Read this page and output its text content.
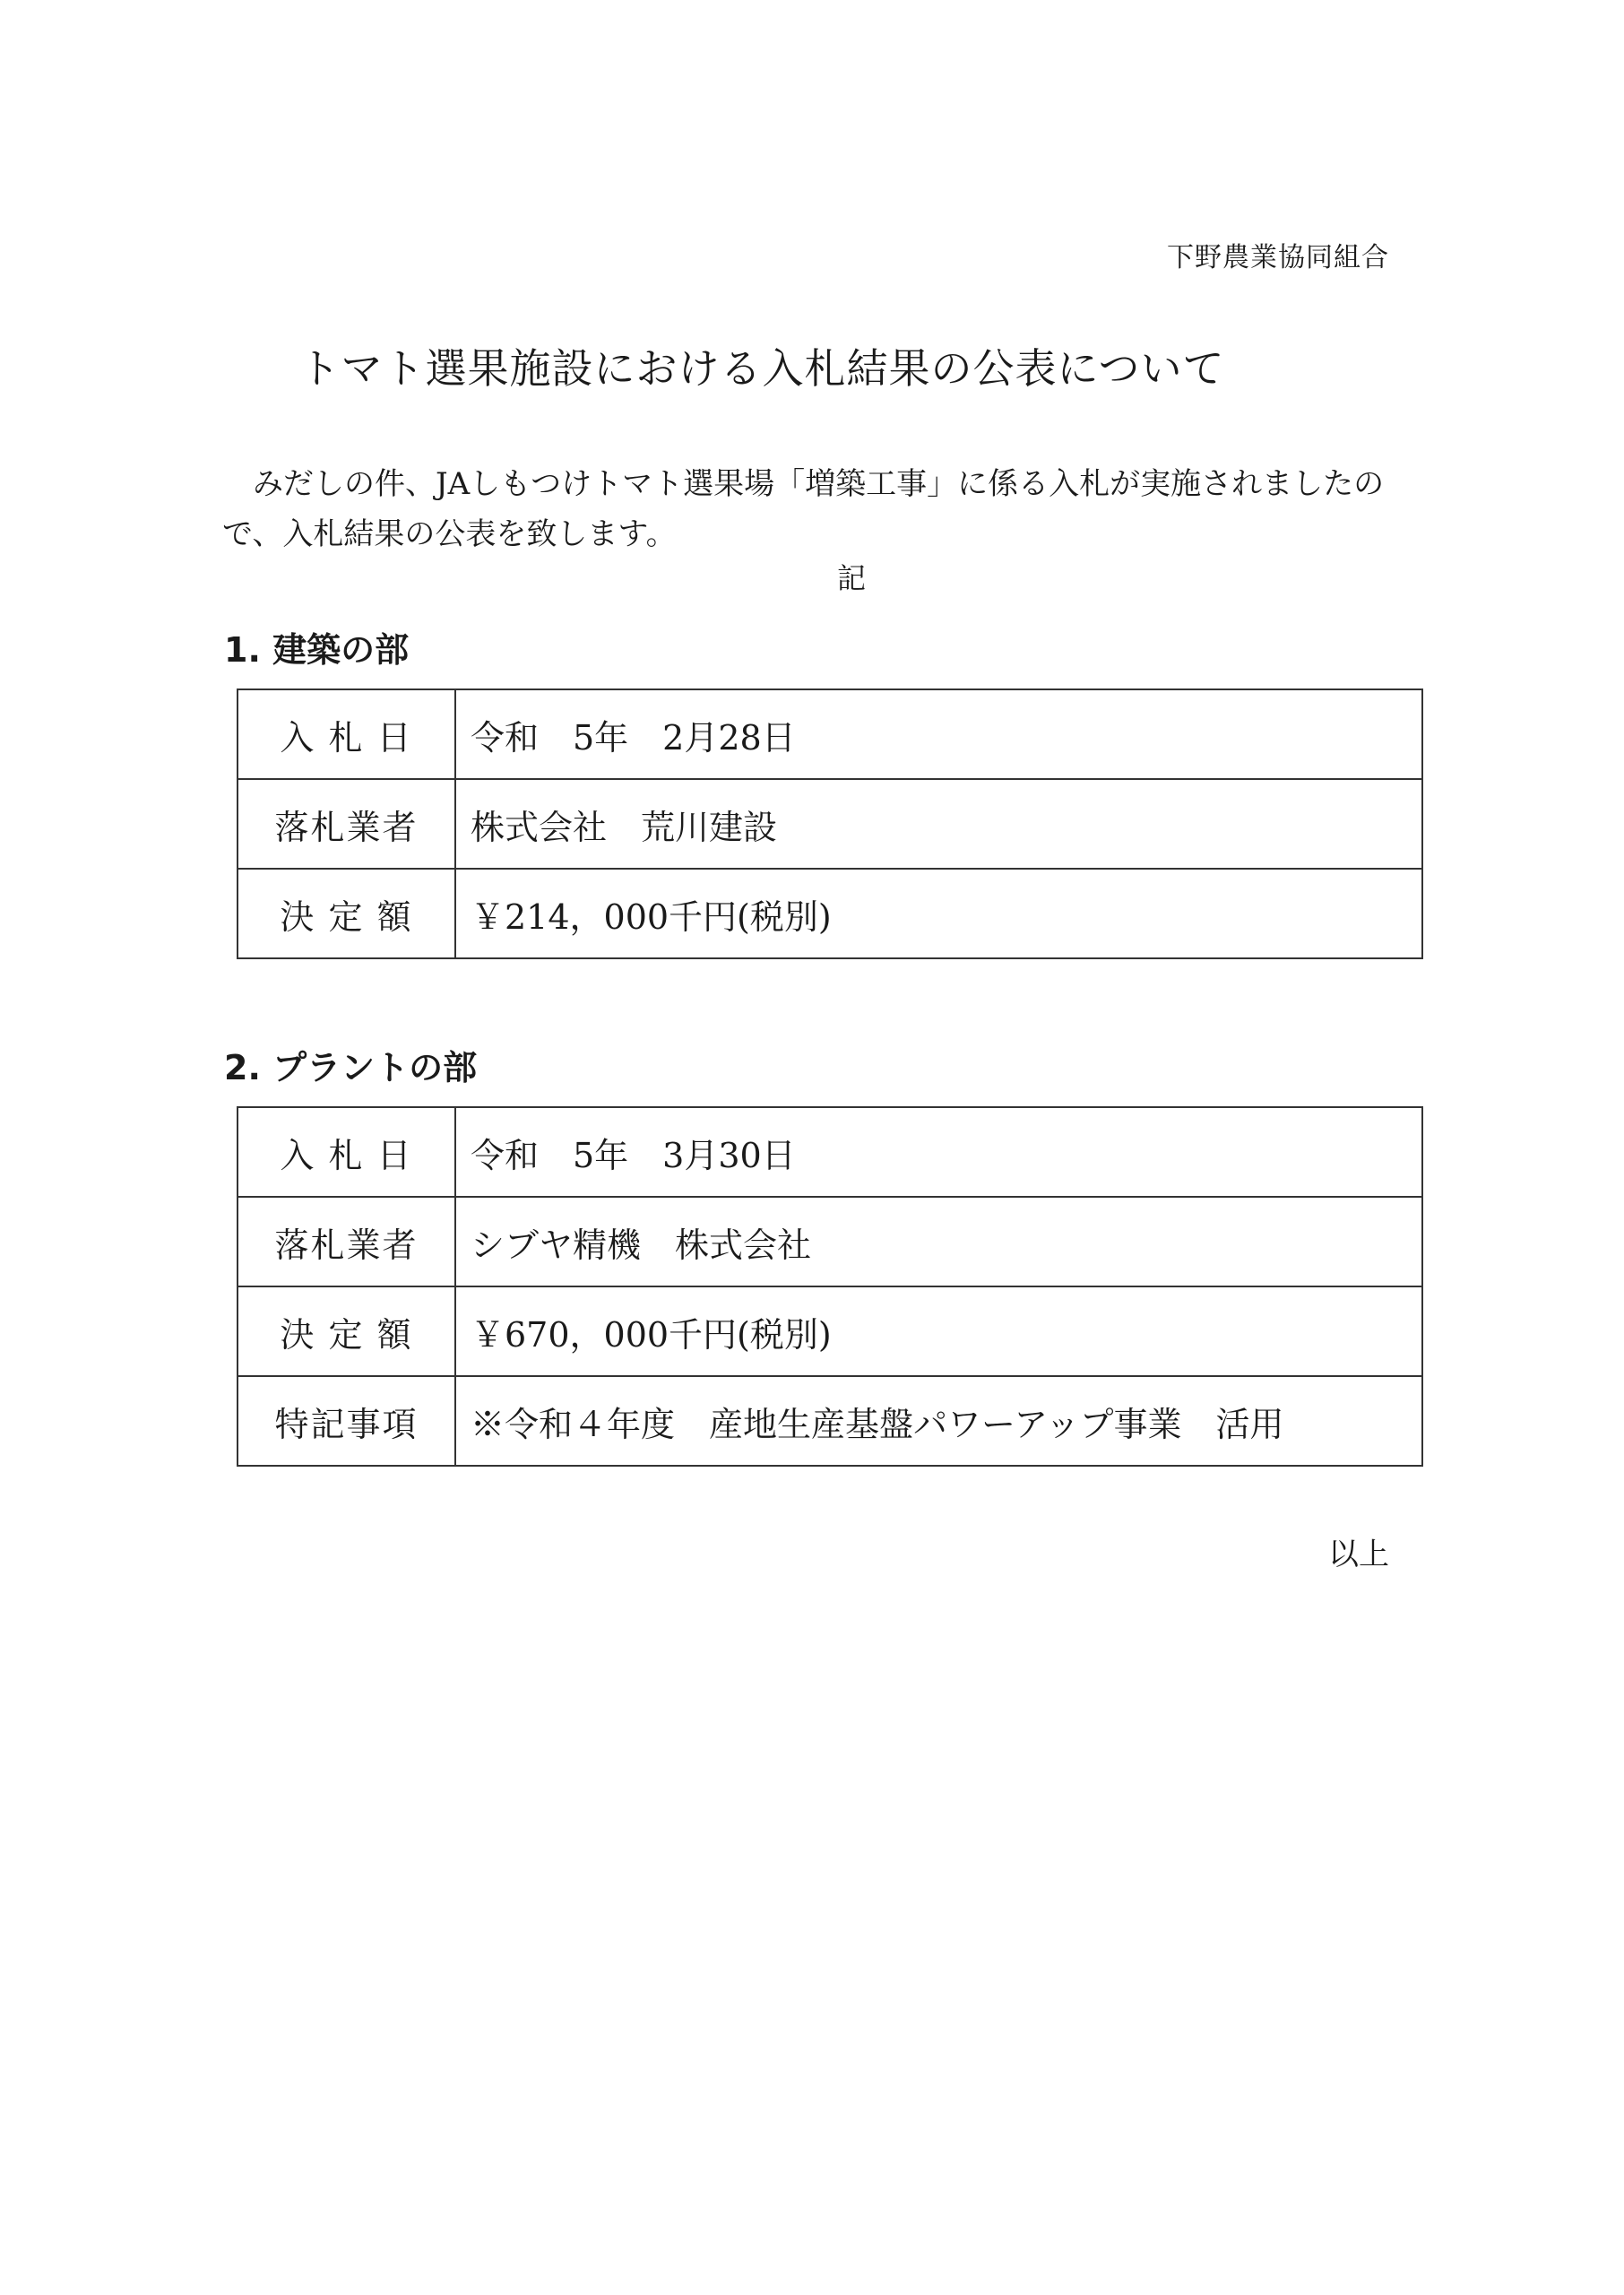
下野農業協同組合
トマト選果施設における入札結果の公表について
みだしの件、JAしもつけトマト選果場「増築工事」に係る入札が実施されましたので、入札結果の公表を致します。
記
1. 建築の部
入 札 日	令和　5年　2月28日
落札業者	株式会社　荒川建設
決 定 額	￥214，000千円(税別)
2. プラントの部
入 札 日	令和　5年　3月30日
落札業者	シブヤ精機　株式会社
決 定 額	￥670，000千円(税別)
特記事項	※令和４年度　産地生産基盤パワーアップ事業　活用
以上
